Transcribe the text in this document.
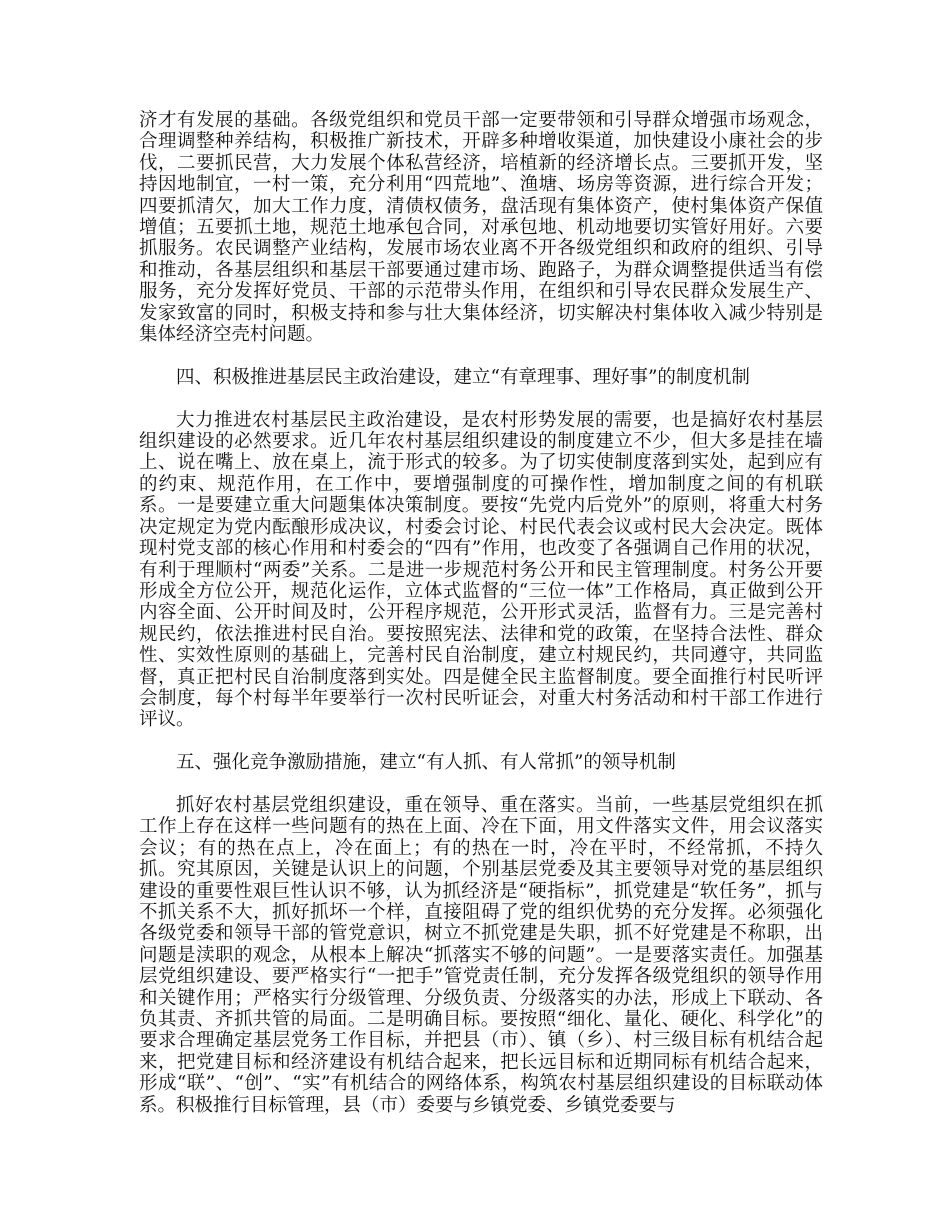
济才有发展的基础。各级党组织和党员干部一定要带领和引导群众增强市场观念，合理调整种养结构，积极推广新技术，开辟多种增收渠道，加快建设小康社会的步伐，二要抓民营，大力发展个体私营经济，培植新的经济增长点。三要抓开发，坚持因地制宜，一村一策，充分利用“四荒地”、渔塘、场房等资源，进行综合开发；四要抓清欠，加大工作力度，清债权债务，盘活现有集体资产，使村集体资产保值增值；五要抓土地，规范土地承包合同，对承包地、机动地要切实管好用好。六要抓服务。农民调整产业结构，发展市场农业离不开各级党组织和政府的组织、引导和推动，各基层组织和基层干部要通过建市场、跑路子，为群众调整提供适当有偿服务，充分发挥好党员、干部的示范带头作用，在组织和引导农民群众发展生产、发家致富的同时，积极支持和参与壮大集体经济，切实解决村集体收入减少特别是集体经济空壳村问题。

四、积极推进基层民主政治建设，建立“有章理事、理好事”的制度机制

大力推进农村基层民主政治建设，是农村形势发展的需要，也是搞好农村基层组织建设的必然要求。近几年农村基层组织建设的制度建立不少，但大多是挂在墙上、说在嘴上、放在桌上，流于形式的较多。为了切实使制度落到实处，起到应有的约束、规范作用，在工作中，要增强制度的可操作性，增加制度之间的有机联系。一是要建立重大问题集体决策制度。要按“先党内后党外”的原则，将重大村务决定规定为党内酝酿形成决议，村委会讨论、村民代表会议或村民大会决定。既体现村党支部的核心作用和村委会的“四有”作用，也改变了各强调自己作用的状况，有利于理顺村“两委”关系。二是进一步规范村务公开和民主管理制度。村务公开要形成全方位公开，规范化运作，立体式监督的“三位一体”工作格局，真正做到公开内容全面、公开时间及时，公开程序规范，公开形式灵活，监督有力。三是完善村规民约，依法推进村民自治。要按照宪法、法律和党的政策，在坚持合法性、群众性、实效性原则的基础上，完善村民自治制度，建立村规民约，共同遵守，共同监督，真正把村民自治制度落到实处。四是健全民主监督制度。要全面推行村民听评会制度，每个村每半年要举行一次村民听证会，对重大村务活动和村干部工作进行评议。

五、强化竞争激励措施，建立“有人抓、有人常抓”的领导机制

抓好农村基层党组织建设，重在领导、重在落实。当前，一些基层党组织在抓工作上存在这样一些问题有的热在上面、冷在下面，用文件落实文件，用会议落实会议；有的热在点上，冷在面上；有的热在一时，冷在平时，不经常抓，不持久抓。究其原因，关键是认识上的问题，个别基层党委及其主要领导对党的基层组织建设的重要性艰巨性认识不够，认为抓经济是“硬指标”，抓党建是“软任务”，抓与不抓关系不大，抓好抓坏一个样，直接阻碍了党的组织优势的充分发挥。必须强化各级党委和领导干部的管党意识，树立不抓党建是失职，抓不好党建是不称职，出问题是渎职的观念，从根本上解决“抓落实不够的问题”。一是要落实责任。加强基层党组织建设、要严格实行“一把手”管党责任制，充分发挥各级党组织的领导作用和关键作用；严格实行分级管理、分级负责、分级落实的办法，形成上下联动、各负其责、齐抓共管的局面。二是明确目标。要按照“细化、量化、硬化、科学化”的要求合理确定基层党务工作目标，并把县（市）、镇（乡）、村三级目标有机结合起来，把党建目标和经济建设有机结合起来，把长远目标和近期同标有机结合起来，形成“联”、“创”、“实”有机结合的网络体系，构筑农村基层组织建设的目标联动体系。积极推行目标管理，县（市）委要与乡镇党委、乡镇党委要与
